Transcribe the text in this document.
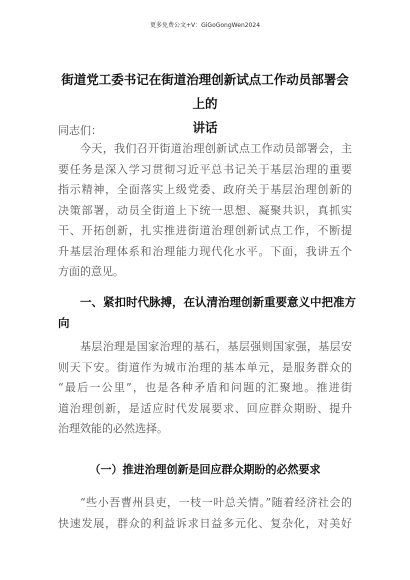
更多免费公文+V：GiGoGongWen2024
街道党工委书记在街道治理创新试点工作动员部署会上的
讲话
同志们：
今天，我们召开街道治理创新试点工作动员部署会，主
要任务是深入学习贯彻习近平总书记关于基层治理的重要
指示精神，全面落实上级党委、政府关于基层治理创新的
决策部署，动员全街道上下统一思想、凝聚共识，真抓实
干、开拓创新，扎实推进街道治理创新试点工作，不断提
升基层治理体系和治理能力现代化水平。下面，我讲五个
方面的意见。
一、紧扣时代脉搏，在认清治理创新重要意义中把准方
向
基层治理是国家治理的基石，基层强则国家强，基层安
则天下安。街道作为城市治理的基本单元，是服务群众的
“最后一公里”，也是各种矛盾和问题的汇聚地。推进街
道治理创新，是适应时代发展要求、回应群众期盼、提升
治理效能的必然选择。
（一）推进治理创新是回应群众期盼的必然要求
“些小吾曹州县吏，一枝一叶总关情。”随着经济社会的
快速发展，群众的利益诉求日益多元化、复杂化，对美好
